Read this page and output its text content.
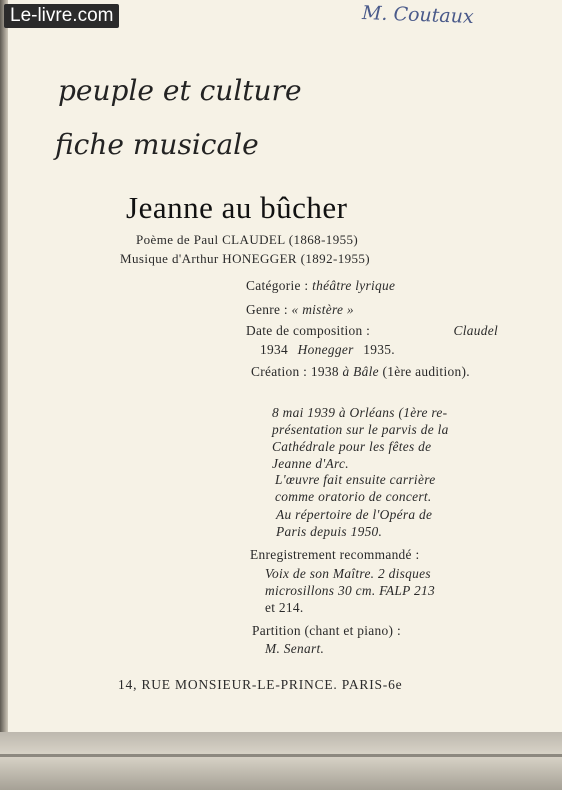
Le-livre.com	M. Coutaux
peuple et culture
fiche musicale
Jeanne au bûcher
Poème de Paul CLAUDEL (1868-1955)
Musique d'Arthur HONEGGER (1892-1955)
Catégorie : théâtre lyrique
Genre : « mistère »
Date de composition :	Claudel
1934 Honegger 1935.
Création : 1938 à Bâle (1ère audition).
8 mai 1939 à Orléans (1ère re-
présentation sur le parvis de la
Cathédrale pour les fêtes de
Jeanne d'Arc.
L'œuvre fait ensuite carrière
comme oratorio de concert.
Au répertoire de l'Opéra de
Paris depuis 1950.
Enregistrement recommandé :
Voix de son Maître. 2 disques
microsillons 30 cm. FALP 213
et 214.
Partition (chant et piano) :
M. Senart.
14, RUE MONSIEUR-LE-PRINCE. PARIS-6e
